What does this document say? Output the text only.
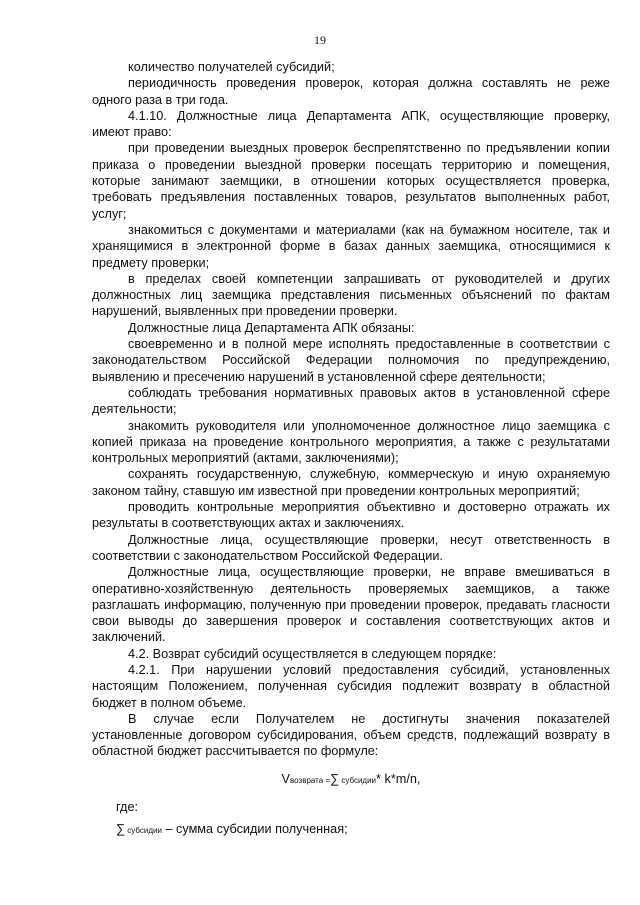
19

количество получателей субсидий;

периодичность проведения проверок, которая должна составлять не реже одного раза в три года.

4.1.10. Должностные лица Департамента АПК, осуществляющие проверку, имеют право:

при проведении выездных проверок беспрепятственно по предъявлении копии приказа о проведении выездной проверки посещать территорию и помещения, которые занимают заемщики, в отношении которых осуществляется проверка, требовать предъявления поставленных товаров, результатов выполненных работ, услуг;

знакомиться с документами и материалами (как на бумажном носителе, так и хранящимися в электронной форме в базах данных заемщика, относящимися к предмету проверки;

в пределах своей компетенции запрашивать от руководителей и других должностных лиц заемщика представления письменных объяснений по фактам нарушений, выявленных при проведении проверки.

Должностные лица Департамента АПК обязаны:

своевременно и в полной мере исполнять предоставленные в соответствии с законодательством Российской Федерации полномочия по предупреждению, выявлению и пресечению нарушений в установленной сфере деятельности;

соблюдать требования нормативных правовых актов в установленной сфере деятельности;

знакомить руководителя или уполномоченное должностное лицо заемщика с копией приказа на проведение контрольного мероприятия, а также с результатами контрольных мероприятий (актами, заключениями);

сохранять государственную, служебную, коммерческую и иную охраняемую законом тайну, ставшую им известной при проведении контрольных мероприятий;

проводить контрольные мероприятия объективно и достоверно отражать их результаты в соответствующих актах и заключениях.

Должностные лица, осуществляющие проверки, несут ответственность в соответствии с законодательством Российской Федерации.

Должностные лица, осуществляющие проверки, не вправе вмешиваться в оперативно-хозяйственную деятельность проверяемых заемщиков, а также разглашать информацию, полученную при проведении проверок, предавать гласности свои выводы до завершения проверок и составления соответствующих актов и заключений.

4.2. Возврат субсидий осуществляется в следующем порядке:

4.2.1. При нарушении условий предоставления субсидий, установленных настоящим Положением, полученная субсидия подлежит возврату в областной бюджет в полном объеме.

В случае если Получателем не достигнуты значения показателей установленные договором субсидирования, объем средств, подлежащий возврату в областной бюджет рассчитывается по формуле:

Vвозврата =∑ субсидии* k*m/n,
где:
∑ субсидии – сумма субсидии полученная;
